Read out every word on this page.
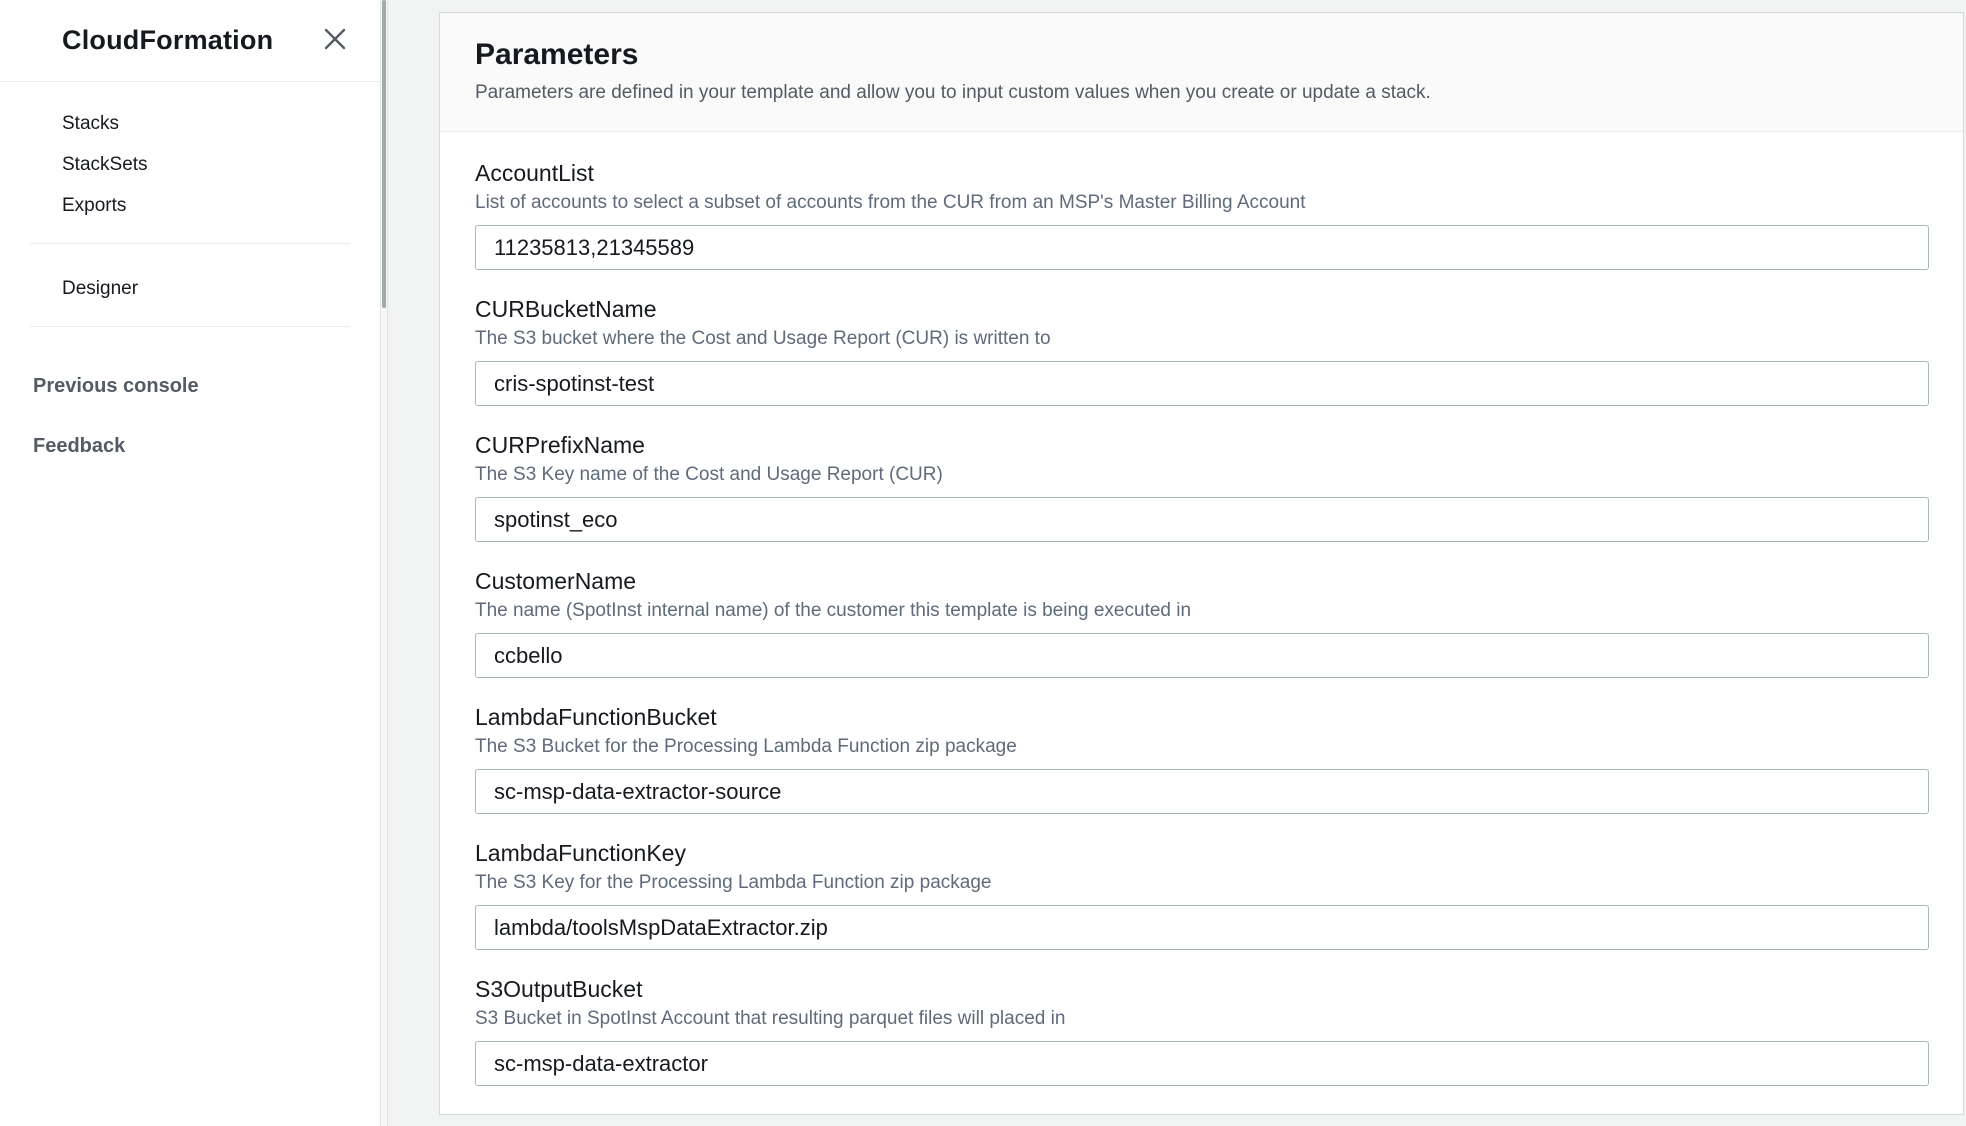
CloudFormation
Stacks
StackSets
Exports
Designer
Previous console
Feedback
Parameters

Parameters are defined in your template and allow you to input custom values when you create or update a stack.

AccountList
List of accounts to select a subset of accounts from the CUR from an MSP's Master Billing Account
11235813,21345589
CURBucketName
The S3 bucket where the Cost and Usage Report (CUR) is written to
cris-spotinst-test
CURPrefixName
The S3 Key name of the Cost and Usage Report (CUR)
spotinst_eco
CustomerName
The name (SpotInst internal name) of the customer this template is being executed in
ccbello
LambdaFunctionBucket
The S3 Bucket for the Processing Lambda Function zip package
sc-msp-data-extractor-source
LambdaFunctionKey
The S3 Key for the Processing Lambda Function zip package
lambda/toolsMspDataExtractor.zip
S3OutputBucket
S3 Bucket in SpotInst Account that resulting parquet files will placed in
sc-msp-data-extractor
